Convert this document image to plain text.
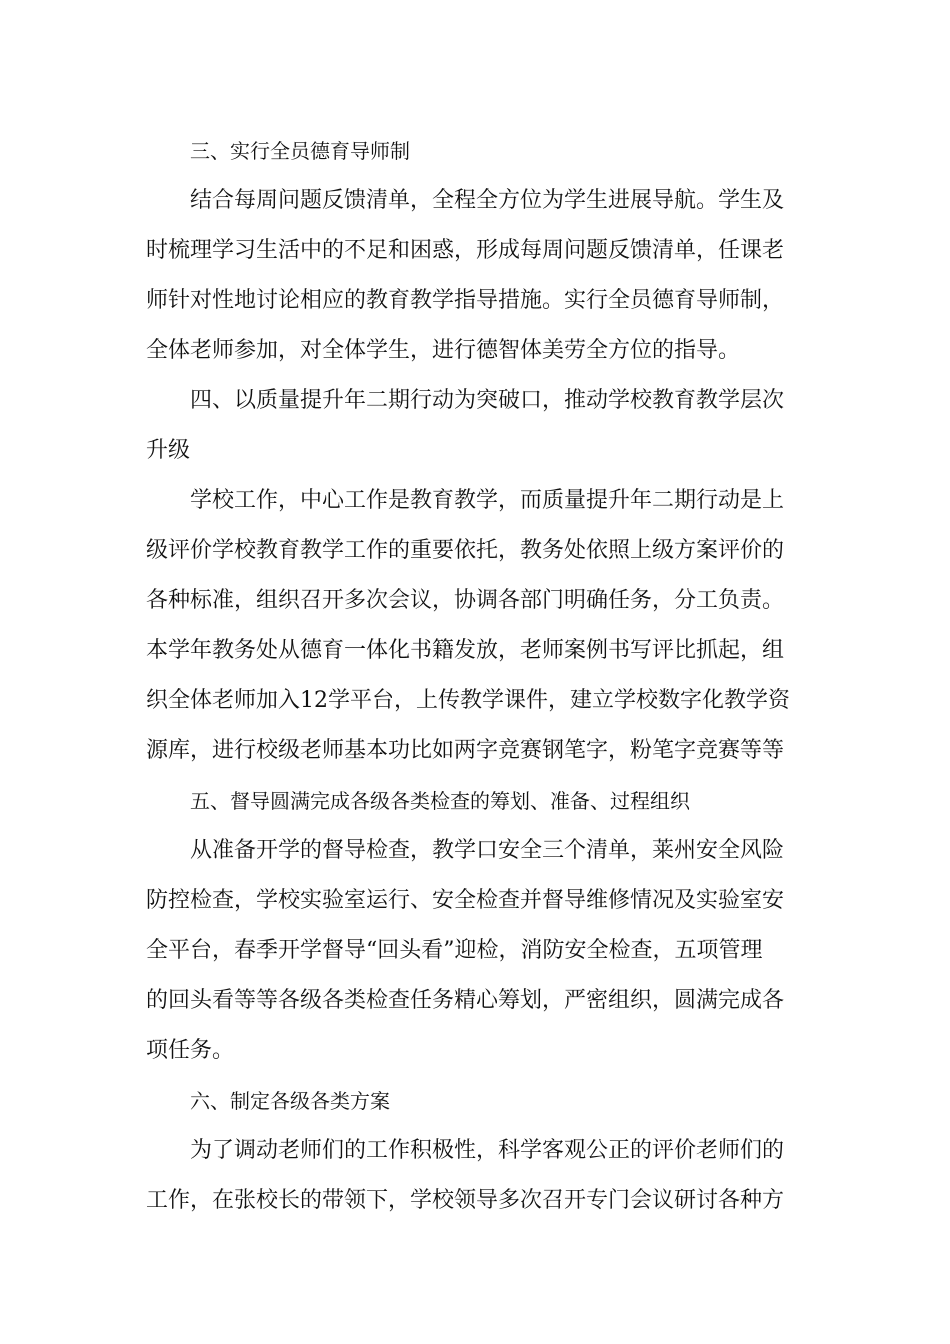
三、实行全员德育导师制
结合每周问题反馈清单，全程全方位为学生进展导航。学生及
时梳理学习生活中的不足和困惑，形成每周问题反馈清单，任课老
师针对性地讨论相应的教育教学指导措施。实行全员德育导师制，
全体老师参加，对全体学生，进行德智体美劳全方位的指导。
四、以质量提升年二期行动为突破口，推动学校教育教学层次
升级
学校工作，中心工作是教育教学，而质量提升年二期行动是上
级评价学校教育教学工作的重要依托，教务处依照上级方案评价的
各种标准，组织召开多次会议，协调各部门明确任务，分工负责。
本学年教务处从德育一体化书籍发放，老师案例书写评比抓起，组
织全体老师加入12学平台，上传教学课件，建立学校数字化教学资
源库，进行校级老师基本功比如两字竞赛钢笔字，粉笔字竞赛等等
五、督导圆满完成各级各类检查的筹划、准备、过程组织
从准备开学的督导检查，教学口安全三个清单，莱州安全风险
防控检查，学校实验室运行、安全检查并督导维修情况及实验室安
全平台，春季开学督导“回头看”迎检，消防安全检查，五项管理
的回头看等等各级各类检查任务精心筹划，严密组织，圆满完成各
项任务。
六、制定各级各类方案
为了调动老师们的工作积极性，科学客观公正的评价老师们的
工作，在张校长的带领下，学校领导多次召开专门会议研讨各种方
